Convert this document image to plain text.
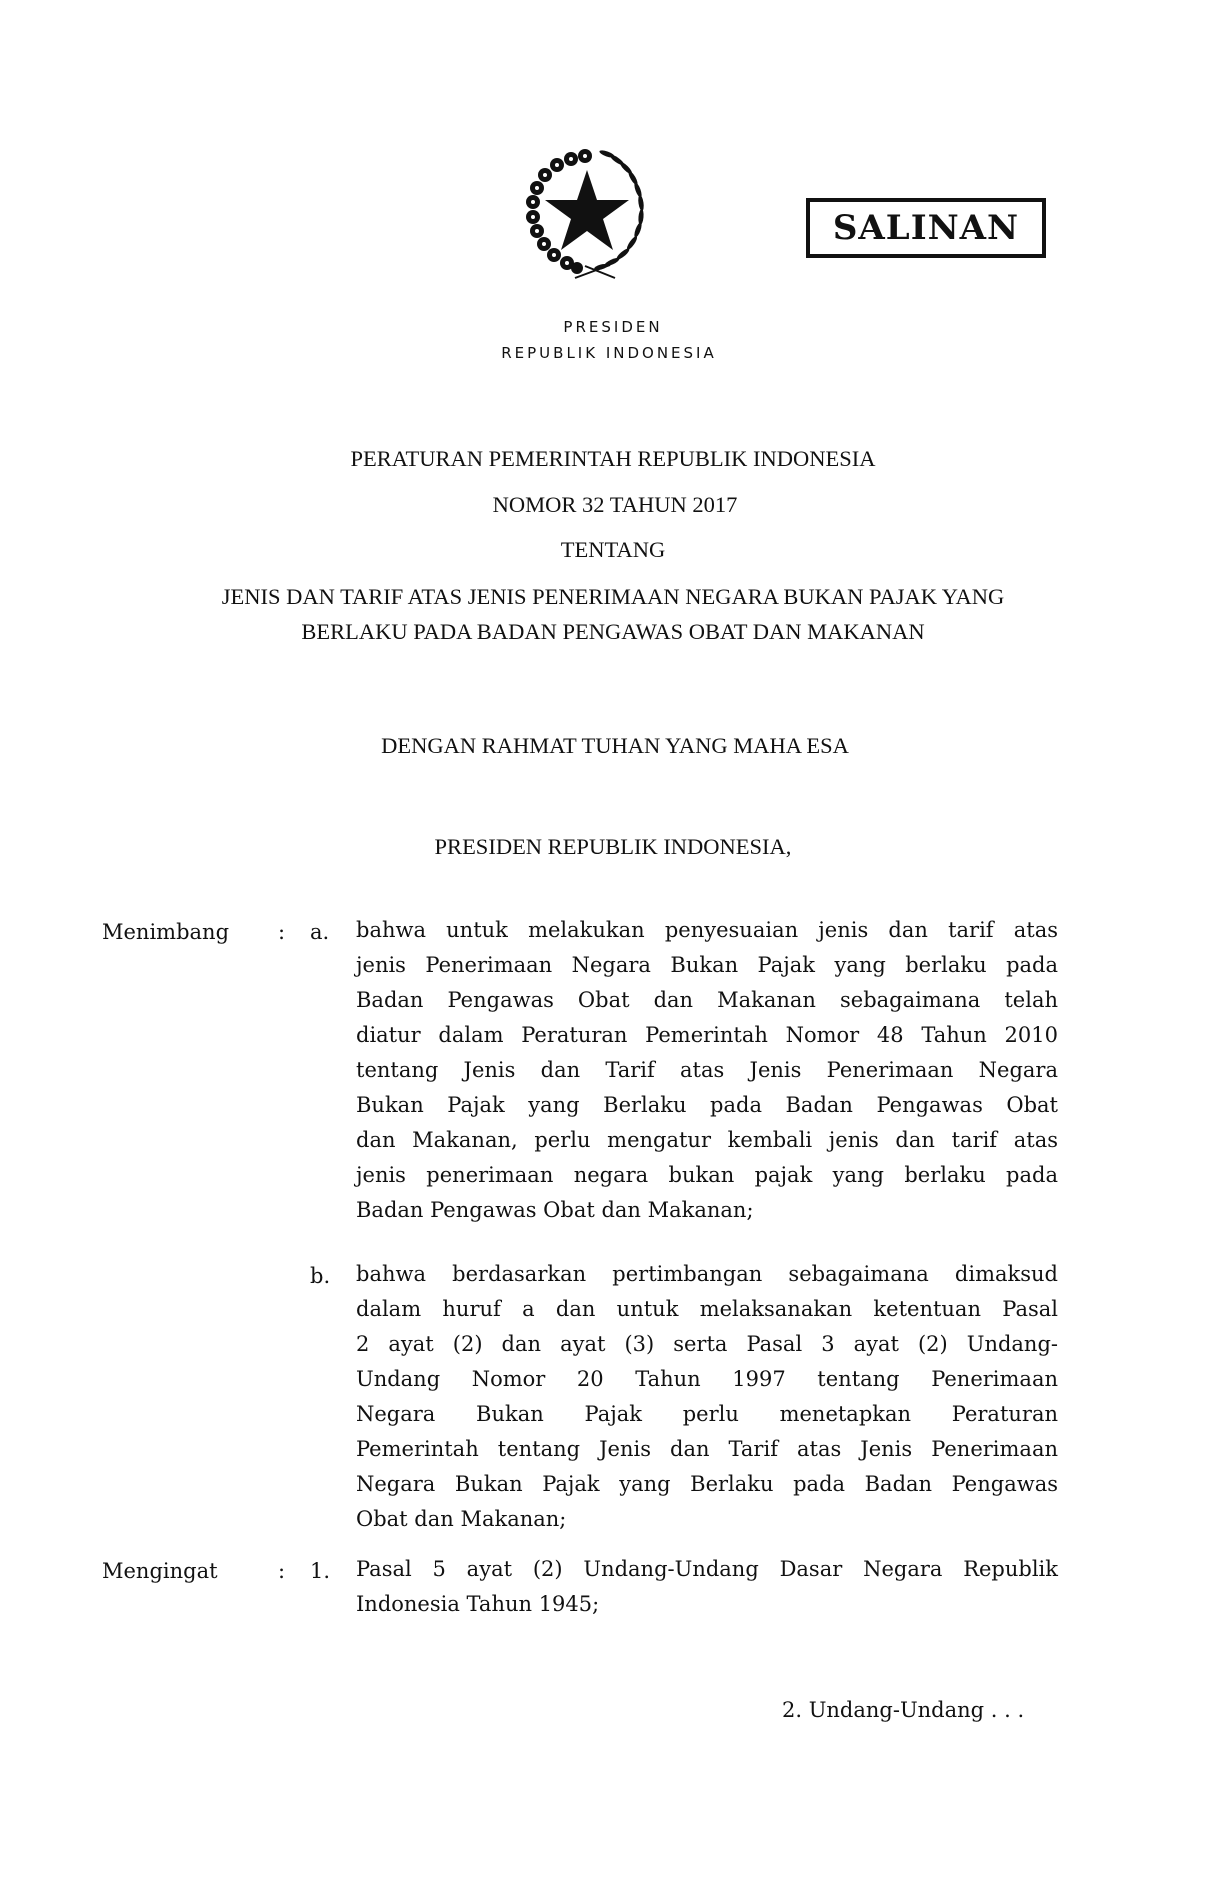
SALINAN
PRESIDEN
REPUBLIK INDONESIA
PERATURAN PEMERINTAH REPUBLIK INDONESIA
NOMOR 32 TAHUN 2017
TENTANG
JENIS DAN TARIF ATAS JENIS PENERIMAAN NEGARA BUKAN PAJAK YANG
BERLAKU PADA BADAN PENGAWAS OBAT DAN MAKANAN
DENGAN RAHMAT TUHAN YANG MAHA ESA
PRESIDEN REPUBLIK INDONESIA,
Menimbang : a. bahwa untuk melakukan penyesuaian jenis dan tarif atas
jenis Penerimaan Negara Bukan Pajak yang berlaku pada
Badan Pengawas Obat dan Makanan sebagaimana telah
diatur dalam Peraturan Pemerintah Nomor 48 Tahun 2010
tentang Jenis dan Tarif atas Jenis Penerimaan Negara
Bukan Pajak yang Berlaku pada Badan Pengawas Obat
dan Makanan, perlu mengatur kembali jenis dan tarif atas
jenis penerimaan negara bukan pajak yang berlaku pada
Badan Pengawas Obat dan Makanan;
b. bahwa berdasarkan pertimbangan sebagaimana dimaksud
dalam huruf a dan untuk melaksanakan ketentuan Pasal
2 ayat (2) dan ayat (3) serta Pasal 3 ayat (2) Undang-
Undang Nomor 20 Tahun 1997 tentang Penerimaan
Negara Bukan Pajak perlu menetapkan Peraturan
Pemerintah tentang Jenis dan Tarif atas Jenis Penerimaan
Negara Bukan Pajak yang Berlaku pada Badan Pengawas
Obat dan Makanan;
Mengingat	: 1. Pasal 5 ayat (2) Undang-Undang Dasar Negara Republik
Indonesia Tahun 1945;
2. Undang-Undang . . .
